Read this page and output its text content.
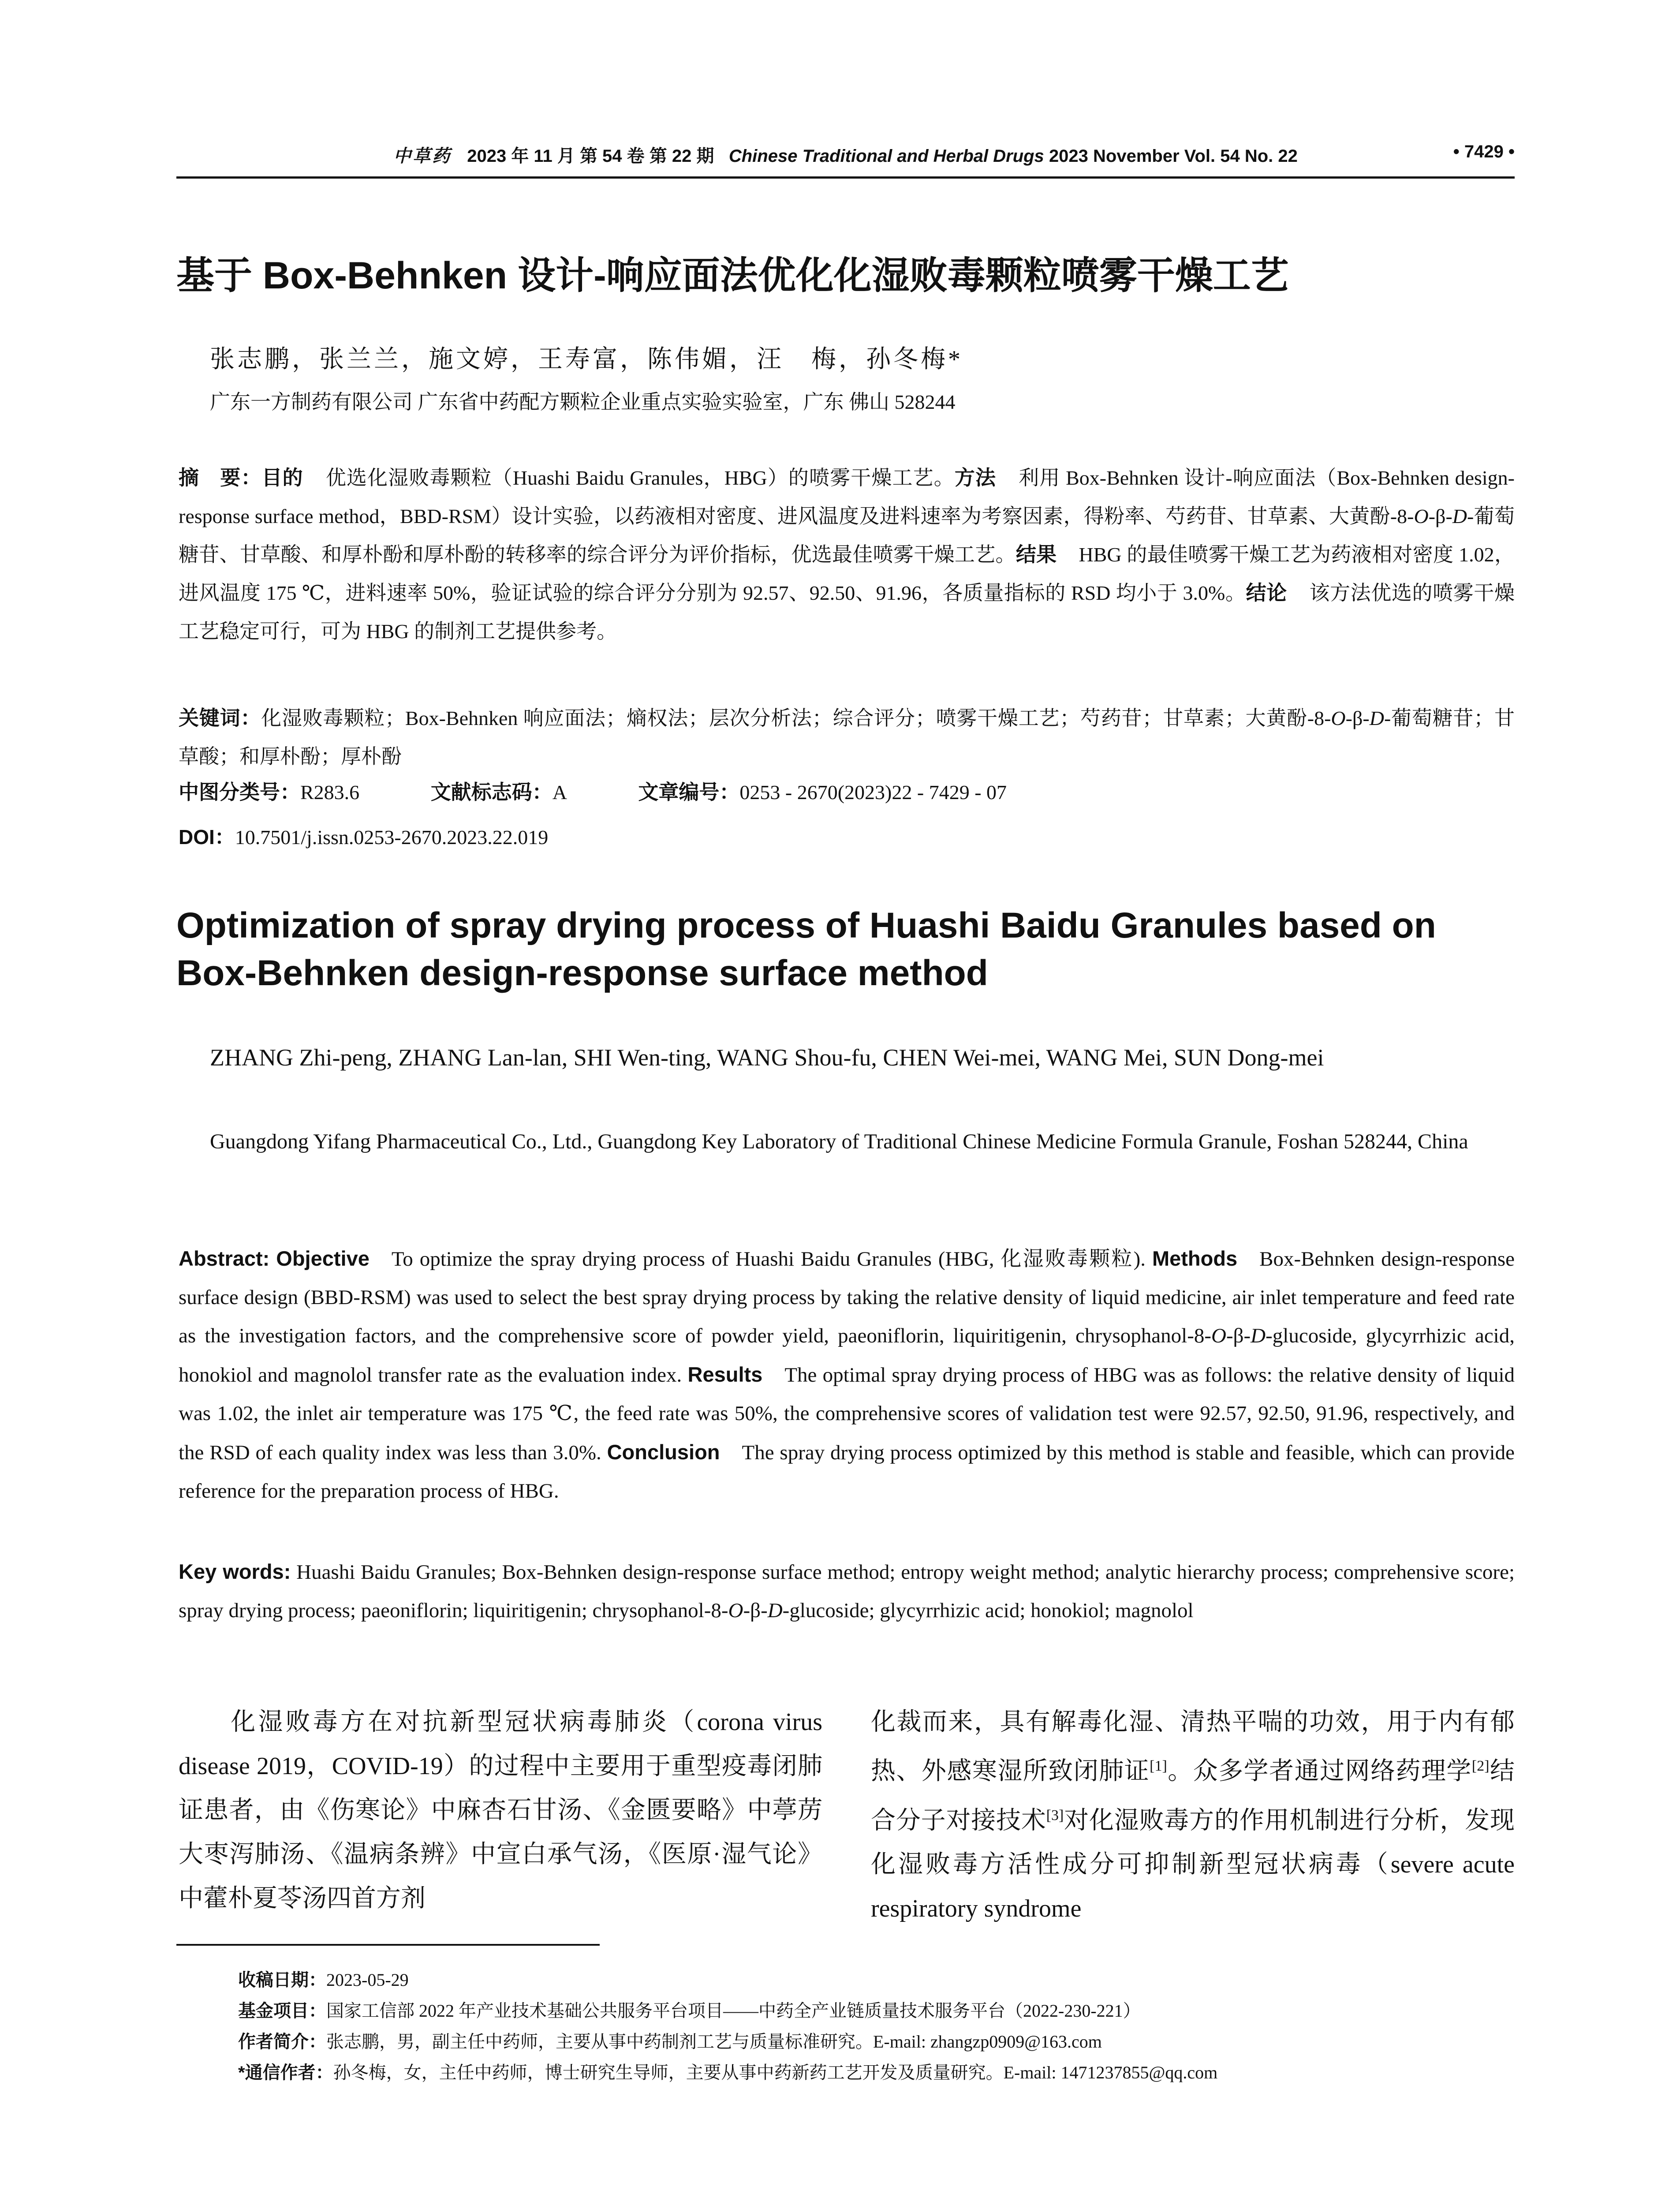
中草药 2023 年 11 月 第 54 卷 第 22 期 Chinese Traditional and Herbal Drugs 2023 November Vol. 54 No. 22	• 7429 •
基于 Box-Behnken 设计-响应面法优化化湿败毒颗粒喷雾干燥工艺
张志鹏，张兰兰，施文婷，王寿富，陈伟媚，汪　梅，孙冬梅*
广东一方制药有限公司 广东省中药配方颗粒企业重点实验实验室，广东 佛山 528244
摘　要：目的 优选化湿败毒颗粒（Huashi Baidu Granules，HBG）的喷雾干燥工艺。方法 利用 Box-Behnken 设计-响应面法（Box-Behnken design-response surface method，BBD-RSM）设计实验，以药液相对密度、进风温度及进料速率为考察因素，得粉率、芍药苷、甘草素、大黄酚-8-O-β-D-葡萄糖苷、甘草酸、和厚朴酚和厚朴酚的转移率的综合评分为评价指标，优选最佳喷雾干燥工艺。结果 HBG 的最佳喷雾干燥工艺为药液相对密度 1.02，进风温度 175 ℃，进料速率 50%，验证试验的综合评分分别为 92.57、92.50、91.96，各质量指标的 RSD 均小于 3.0%。结论 该方法优选的喷雾干燥工艺稳定可行，可为 HBG 的制剂工艺提供参考。
关键词：化湿败毒颗粒；Box-Behnken 响应面法；熵权法；层次分析法；综合评分；喷雾干燥工艺；芍药苷；甘草素；大黄酚-8-O-β-D-葡萄糖苷；甘草酸；和厚朴酚；厚朴酚
中图分类号：R283.6	文献标志码：A	文章编号：0253 - 2670(2023)22 - 7429 - 07
DOI：10.7501/j.issn.0253-2670.2023.22.019
Optimization of spray drying process of Huashi Baidu Granules based on Box-Behnken design-response surface method
ZHANG Zhi-peng, ZHANG Lan-lan, SHI Wen-ting, WANG Shou-fu, CHEN Wei-mei, WANG Mei, SUN Dong-mei
Guangdong Yifang Pharmaceutical Co., Ltd., Guangdong Key Laboratory of Traditional Chinese Medicine Formula Granule, Foshan 528244, China
Abstract: Objective To optimize the spray drying process of Huashi Baidu Granules (HBG, 化湿败毒颗粒). Methods Box-Behnken design-response surface design (BBD-RSM) was used to select the best spray drying process by taking the relative density of liquid medicine, air inlet temperature and feed rate as the investigation factors, and the comprehensive score of powder yield, paeoniflorin, liquiritigenin, chrysophanol-8-O-β-D-glucoside, glycyrrhizic acid, honokiol and magnolol transfer rate as the evaluation index. Results The optimal spray drying process of HBG was as follows: the relative density of liquid was 1.02, the inlet air temperature was 175 ℃, the feed rate was 50%, the comprehensive scores of validation test were 92.57, 92.50, 91.96, respectively, and the RSD of each quality index was less than 3.0%. Conclusion The spray drying process optimized by this method is stable and feasible, which can provide reference for the preparation process of HBG.
Key words: Huashi Baidu Granules; Box-Behnken design-response surface method; entropy weight method; analytic hierarchy process; comprehensive score; spray drying process; paeoniflorin; liquiritigenin; chrysophanol-8-O-β-D-glucoside; glycyrrhizic acid; honokiol; magnolol
化湿败毒方在对抗新型冠状病毒肺炎（corona virus disease 2019，COVID-19）的过程中主要用于重型疫毒闭肺证患者，由《伤寒论》中麻杏石甘汤、《金匮要略》中葶苈大枣泻肺汤、《温病条辨》中宣白承气汤，《医原·湿气论》中藿朴夏苓汤四首方剂
化裁而来，具有解毒化湿、清热平喘的功效，用于内有郁热、外感寒湿所致闭肺证[1]。众多学者通过网络药理学[2]结合分子对接技术[3]对化湿败毒方的作用机制进行分析，发现化湿败毒方活性成分可抑制新型冠状病毒（severe acute respiratory syndrome
收稿日期：2023-05-29
基金项目：国家工信部 2022 年产业技术基础公共服务平台项目——中药全产业链质量技术服务平台（2022-230-221）
作者简介：张志鹏，男，副主任中药师，主要从事中药制剂工艺与质量标准研究。E-mail: zhangzp0909@163.com
*通信作者：孙冬梅，女，主任中药师，博士研究生导师，主要从事中药新药工艺开发及质量研究。E-mail: 1471237855@qq.com
